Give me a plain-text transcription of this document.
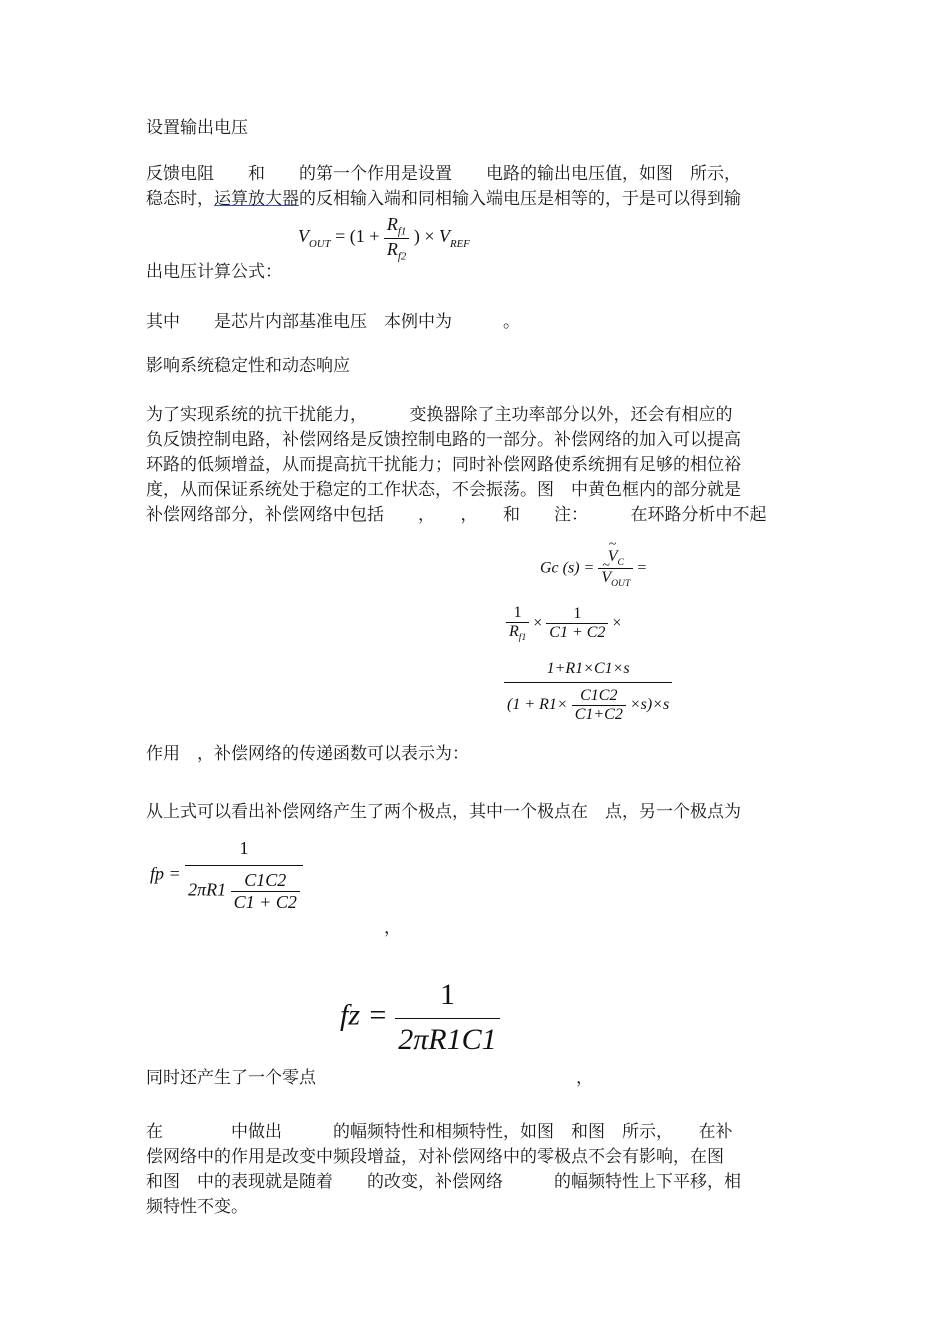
设置输出电压
反馈电阻　　和　　的第一个作用是设置　　电路的输出电压值，如图　所示，
稳态时，运算放大器的反相输入端和同相输入端电压是相等的，于是可以得到输
$V_{OUT} = (1 + \frac{R_{f1}}{R_{f2}}$ ) × $V_{REF}$
出电压计算公式：
其中　　是芯片内部基准电压　本例中为　　　。
影响系统稳定性和动态响应
为了实现系统的抗干扰能力，　　　变换器除了主功率部分以外，还会有相应的
负反馈控制电路，补偿网络是反馈控制电路的一部分。补偿网络的加入可以提高
环路的低频增益，从而提高抗干扰能力；同时补偿网路使系统拥有足够的相位裕
度，从而保证系统处于稳定的工作状态，不会振荡。图　中黄色框内的部分就是
补偿网络部分，补偿网络中包括　　，　　，　　和　　注：　　　在环路分析中不起
Gc (s) =
~ $V_C$
~ $V_{OUT}$
=
$\frac{1}{R_{f1}} \times \frac{1}{C1 + C2}$ ×
1+R1×C1×s
$(1 + R1\times \frac{C1C2}{C1+C2} \times s)\times s$
作用　，补偿网络的传递函数可以表示为：
从上式可以看出补偿网络产生了两个极点，其中一个极点在　点，另一个极点为
fp = $\frac{1}{2\pi R1 \frac{C1C2}{C1 + C2}}$
，
fz = $\frac{1}{2\pi R1C1}$
同时还产生了一个零点	，
在　　　　中做出　　　的幅频特性和相频特性，如图　和图　所示，　　在补
偿网络中的作用是改变中频段增益，对补偿网络中的零极点不会有影响，在图
和图　中的表现就是随着　　的改变，补偿网络　　　的幅频特性上下平移，相
频特性不变。
